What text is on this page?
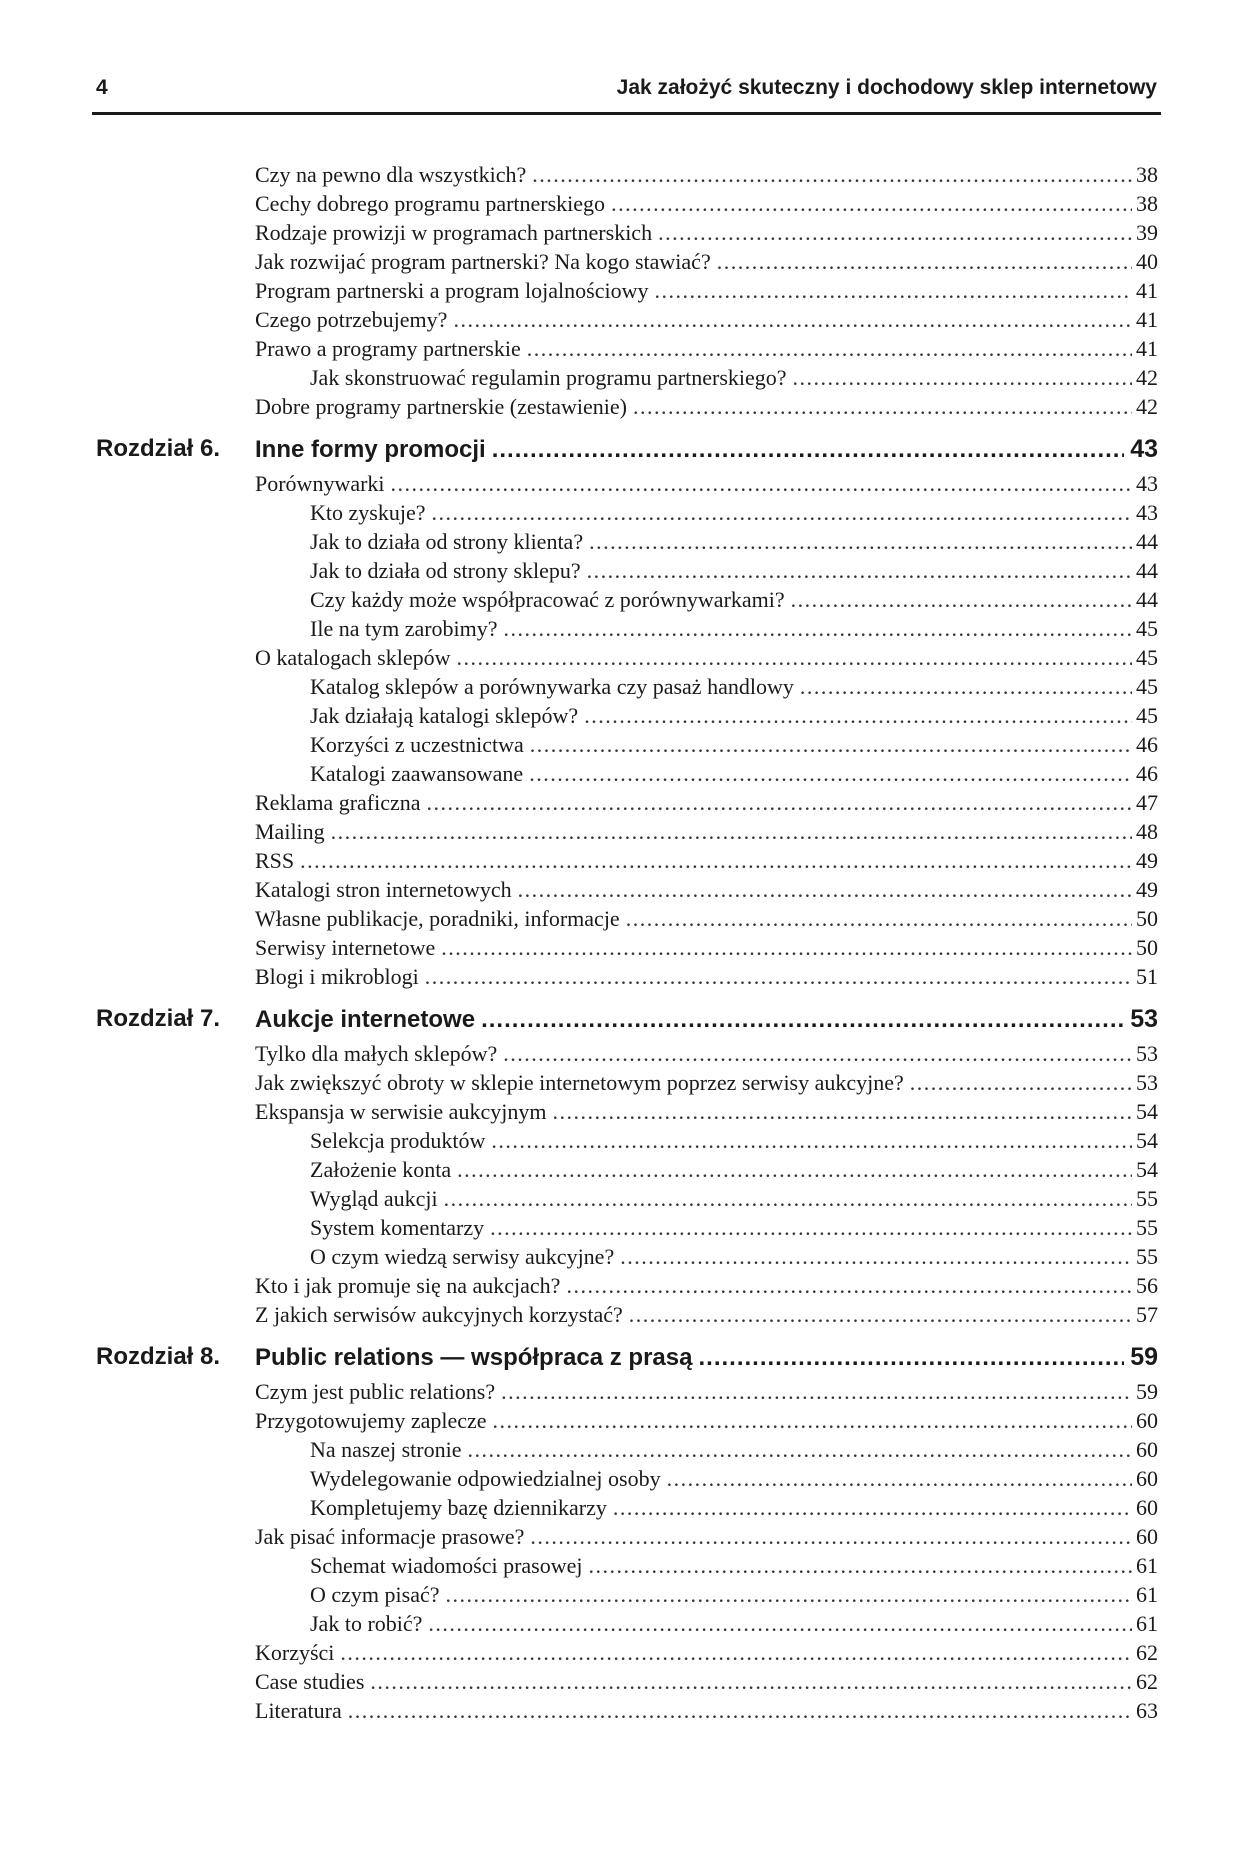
4	Jak założyć skuteczny i dochodowy sklep internetowy
Czy na pewno dla wszystkich? . . .	38
Cechy dobrego programu partnerskiego . . .	38
Rodzaje prowizji w programach partnerskich . . .	39
Jak rozwijać program partnerski? Na kogo stawiać? . . .	40
Program partnerski a program lojalnościowy . . .	41
Czego potrzebujemy? . . .	41
Prawo a programy partnerskie . . .	41
Jak skonstruować regulamin programu partnerskiego? . . .	42
Dobre programy partnerskie (zestawienie) . . .	42
Rozdział 6. Inne formy promocji .....	43
Porównywarki . . .	43
Kto zyskuje? . . .	43
Jak to działa od strony klienta? . . .	44
Jak to działa od strony sklepu? . . .	44
Czy każdy może współpracować z porównywarkami? . . .	44
Ile na tym zarobimy? . . .	45
O katalogach sklepów . . .	45
Katalog sklepów a porównywarka czy pasaż handlowy . . .	45
Jak działają katalogi sklepów? . . .	45
Korzyści z uczestnictwa . . .	46
Katalogi zaawansowane . . .	46
Reklama graficzna . . .	47
Mailing . . .	48
RSS . . .	49
Katalogi stron internetowych . . .	49
Własne publikacje, poradniki, informacje . . .	50
Serwisy internetowe . . .	50
Blogi i mikroblogi . . .	51
Rozdział 7. Aukcje internetowe .....	53
Tylko dla małych sklepów? . . .	53
Jak zwiększyć obroty w sklepie internetowym poprzez serwisy aukcyjne? . . .	53
Ekspansja w serwisie aukcyjnym . . .	54
Selekcja produktów . . .	54
Założenie konta . . .	54
Wygląd aukcji . . .	55
System komentarzy . . .	55
O czym wiedzą serwisy aukcyjne? . . .	55
Kto i jak promuje się na aukcjach? . . .	56
Z jakich serwisów aukcyjnych korzystać? . . .	57
Rozdział 8. Public relations — współpraca z prasą .....	59
Czym jest public relations? . . .	59
Przygotowujemy zaplecze . . .	60
Na naszej stronie . . .	60
Wydelegowanie odpowiedzialnej osoby . . .	60
Kompletujemy bazę dziennikarzy . . .	60
Jak pisać informacje prasowe? . . .	60
Schemat wiadomości prasowej . . .	61
O czym pisać? . . .	61
Jak to robić? . . .	61
Korzyści . . .	62
Case studies . . .	62
Literatura . . .	63
